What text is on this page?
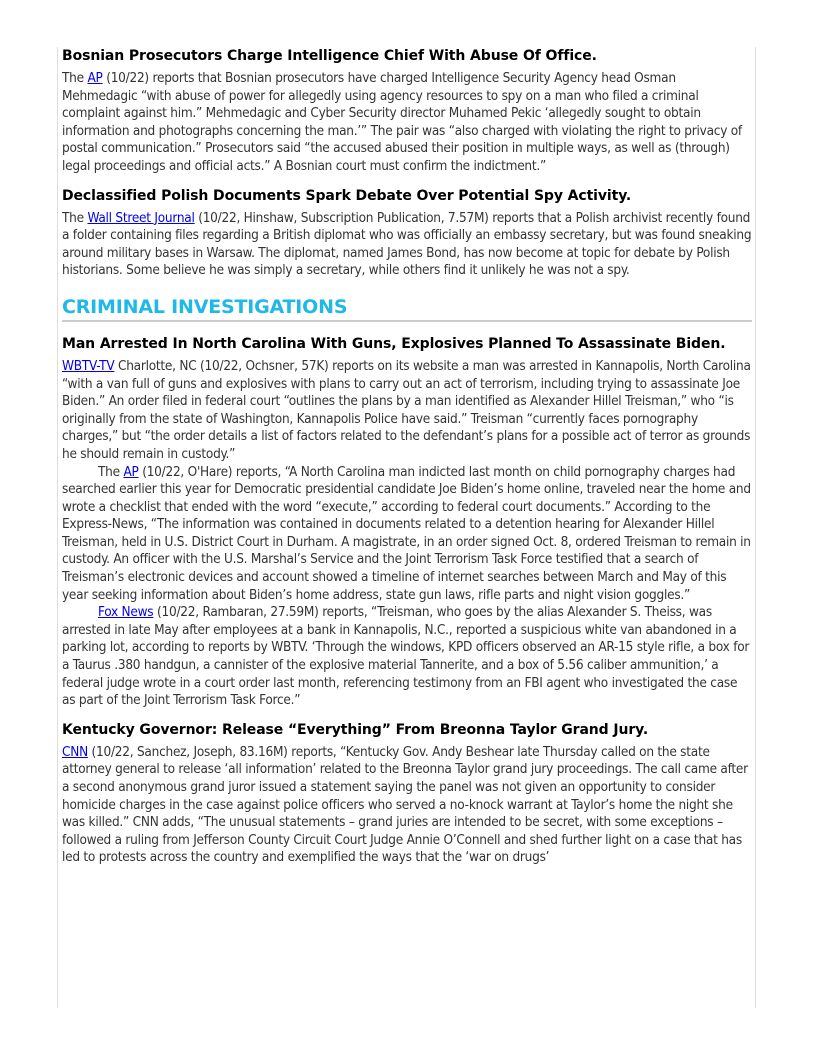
Bosnian Prosecutors Charge Intelligence Chief With Abuse Of Office.

The AP (10/22) reports that Bosnian prosecutors have charged Intelligence Security Agency head Osman Mehmedagic “with abuse of power for allegedly using agency resources to spy on a man who filed a criminal complaint against him.” Mehmedagic and Cyber Security director Muhamed Pekic ‘allegedly sought to obtain information and photographs concerning the man.’” The pair was “also charged with violating the right to privacy of postal communication.” Prosecutors said “the accused abused their position in multiple ways, as well as (through) legal proceedings and official acts.” A Bosnian court must confirm the indictment.”

Declassified Polish Documents Spark Debate Over Potential Spy Activity.

The Wall Street Journal (10/22, Hinshaw, Subscription Publication, 7.57M) reports that a Polish archivist recently found a folder containing files regarding a British diplomat who was officially an embassy secretary, but was found sneaking around military bases in Warsaw. The diplomat, named James Bond, has now become at topic for debate by Polish historians. Some believe he was simply a secretary, while others find it unlikely he was not a spy.

CRIMINAL INVESTIGATIONS
Man Arrested In North Carolina With Guns, Explosives Planned To Assassinate Biden.

WBTV-TV Charlotte, NC (10/22, Ochsner, 57K) reports on its website a man was arrested in Kannapolis, North Carolina “with a van full of guns and explosives with plans to carry out an act of terrorism, including trying to assassinate Joe Biden.” An order filed in federal court “outlines the plans by a man identified as Alexander Hillel Treisman,” who “is originally from the state of Washington, Kannapolis Police have said.” Treisman “currently faces pornography charges,” but “the order details a list of factors related to the defendant’s plans for a possible act of terror as grounds he should remain in custody.”

The AP (10/22, O'Hare) reports, “A North Carolina man indicted last month on child pornography charges had searched earlier this year for Democratic presidential candidate Joe Biden’s home online, traveled near the home and wrote a checklist that ended with the word “execute,” according to federal court documents.” According to the Express-News, “The information was contained in documents related to a detention hearing for Alexander Hillel Treisman, held in U.S. District Court in Durham. A magistrate, in an order signed Oct. 8, ordered Treisman to remain in custody. An officer with the U.S. Marshal’s Service and the Joint Terrorism Task Force testified that a search of Treisman’s electronic devices and account showed a timeline of internet searches between March and May of this year seeking information about Biden’s home address, state gun laws, rifle parts and night vision goggles.”

Fox News (10/22, Rambaran, 27.59M) reports, “Treisman, who goes by the alias Alexander S. Theiss, was arrested in late May after employees at a bank in Kannapolis, N.C., reported a suspicious white van abandoned in a parking lot, according to reports by WBTV. ‘Through the windows, KPD officers observed an AR-15 style rifle, a box for a Taurus .380 handgun, a cannister of the explosive material Tannerite, and a box of 5.56 caliber ammunition,’ a federal judge wrote in a court order last month, referencing testimony from an FBI agent who investigated the case as part of the Joint Terrorism Task Force.”

Kentucky Governor: Release “Everything” From Breonna Taylor Grand Jury.

CNN (10/22, Sanchez, Joseph, 83.16M) reports, “Kentucky Gov. Andy Beshear late Thursday called on the state attorney general to release ‘all information’ related to the Breonna Taylor grand jury proceedings. The call came after a second anonymous grand juror issued a statement saying the panel was not given an opportunity to consider homicide charges in the case against police officers who served a no-knock warrant at Taylor’s home the night she was killed.” CNN adds, “The unusual statements – grand juries are intended to be secret, with some exceptions – followed a ruling from Jefferson County Circuit Court Judge Annie O’Connell and shed further light on a case that has led to protests across the country and exemplified the ways that the ‘war on drugs’
